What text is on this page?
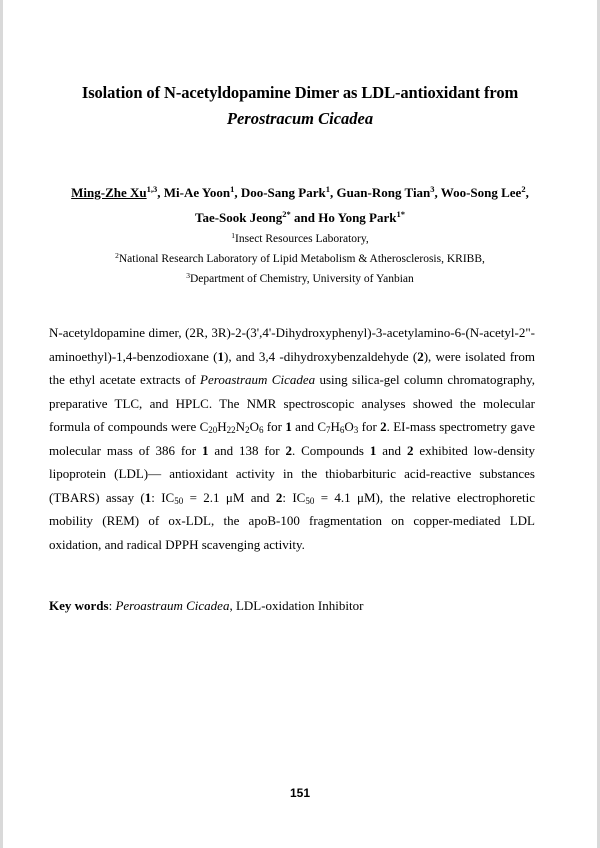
Isolation of N-acetyldopamine Dimer as LDL-antioxidant from
Perostracum Cicadea
Ming-Zhe Xu$^{1,3}$, Mi-Ae Yoon$^1$, Doo-Sang Park$^1$, Guan-Rong Tian$^3$, Woo-Song Lee$^2$,
Tae-Sook Jeong$^{2*}$ and Ho Yong Park$^{1*}$
$^1$Insect Resources Laboratory,
$^2$National Research Laboratory of Lipid Metabolism & Atherosclerosis, KRIBB,
$^3$Department of Chemistry, University of Yanbian
N-acetyldopamine dimer, (2R, 3R)-2-(3',4'-Dihydroxyphenyl)-3-acetylamino-6-(N-acetyl-2"-aminoethyl)-1,4-benzodioxane (1), and 3,4 -dihydroxybenzaldehyde (2), were isolated from the ethyl acetate extracts of Peroastraum Cicadea using silica-gel column chromatography, preparative TLC, and HPLC. The NMR spectroscopic analyses showed the molecular formula of compounds were $C_{20}H_{22}N_2O_6$ for 1 and $C_7H_6O_3$ for 2. EI-mass spectrometry gave molecular mass of 386 for 1 and 138 for 2. Compounds 1 and 2 exhibited low-density lipoprotein (LDL)— antioxidant activity in the thiobarbituric acid-reactive substances (TBARS) assay (1: $IC_{50} = 2.1$ μM and 2: $IC_{50} = 4.1$ μM), the relative electrophoretic mobility (REM) of ox-LDL, the apoB-100 fragmentation on copper-mediated LDL oxidation, and radical DPPH scavenging activity.
Key words: Peroastraum Cicadea, LDL-oxidation Inhibitor
151
